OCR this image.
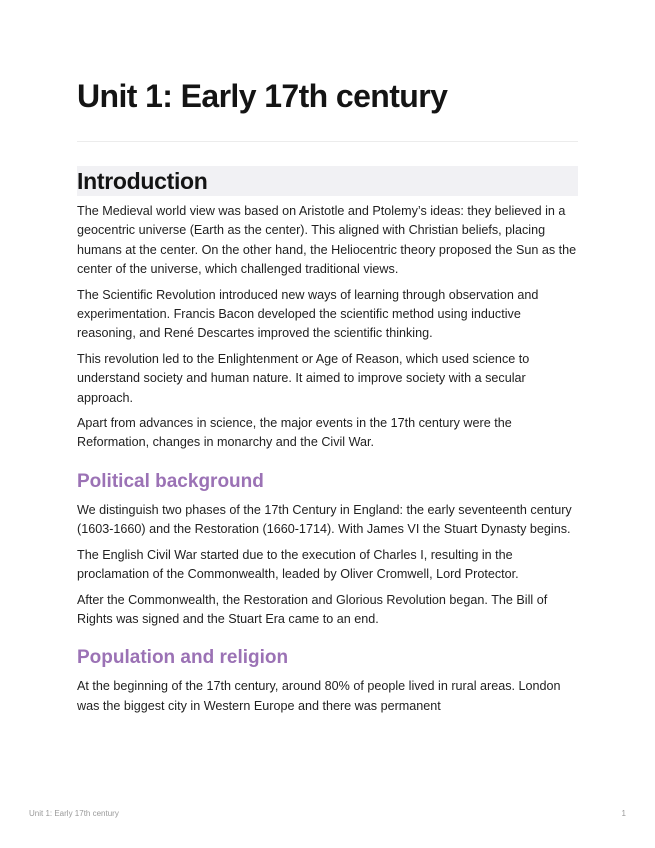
Unit 1: Early 17th century
Introduction

The Medieval world view was based on Aristotle and Ptolemy’s ideas: they believed in a geocentric universe (Earth as the center). This aligned with Christian beliefs, placing humans at the center. On the other hand, the Heliocentric theory proposed the Sun as the center of the universe, which challenged traditional views.

The Scientific Revolution introduced new ways of learning through observation and experimentation. Francis Bacon developed the scientific method using inductive reasoning, and René Descartes improved the scientific thinking.

This revolution led to the Enlightenment or Age of Reason, which used science to understand society and human nature. It aimed to improve society with a secular approach.

Apart from advances in science, the major events in the 17th century were the Reformation, changes in monarchy and the Civil War.

Political background

We distinguish two phases of the 17th Century in England: the early seventeenth century (1603-1660) and the Restoration (1660-1714). With James VI the Stuart Dynasty begins.

The English Civil War started due to the execution of Charles I, resulting in the proclamation of the Commonwealth, leaded by Oliver Cromwell, Lord Protector.

After the Commonwealth, the Restoration and Glorious Revolution began. The Bill of Rights was signed and the Stuart Era came to an end.

Population and religion

At the beginning of the 17th century, around 80% of people lived in rural areas. London was the biggest city in Western Europe and there was permanent

Unit 1: Early 17th century	1
